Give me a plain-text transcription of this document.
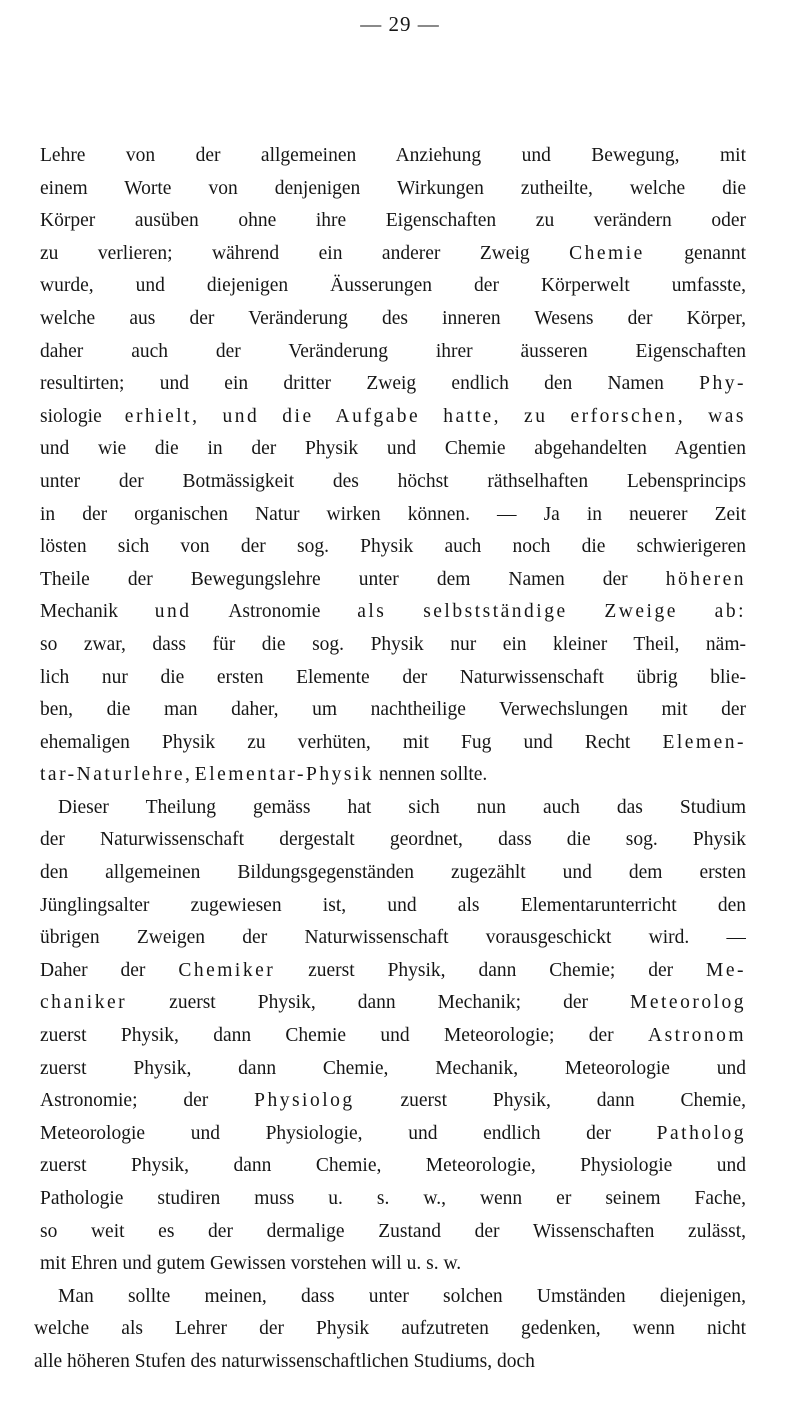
— 29 —
Lehre von der allgemeinen Anziehung und Bewegung, mit
einem Worte von denjenigen Wirkungen zutheilte, welche die
Körper ausüben ohne ihre Eigenschaften zu verändern oder
zu verlieren; während ein anderer Zweig Chemie genannt
wurde, und diejenigen Äusserungen der Körperwelt umfasste,
welche aus der Veränderung des inneren Wesens der Körper,
daher auch der Veränderung ihrer äusseren Eigenschaften
resultirten; und ein dritter Zweig endlich den Namen Phy-
siologie erhielt, und die Aufgabe hatte, zu erforschen, was
und wie die in der Physik und Chemie abgehandelten Agentien
unter der Botmässigkeit des höchst räthselhaften Lebensprincips
in der organischen Natur wirken können. — Ja in neuerer Zeit
lösten sich von der sog. Physik auch noch die schwierigeren
Theile der Bewegungslehre unter dem Namen der höheren
Mechanik und Astronomie als selbstständige Zweige ab:
so zwar, dass für die sog. Physik nur ein kleiner Theil, näm-
lich nur die ersten Elemente der Naturwissenschaft übrig blie-
ben, die man daher, um nachtheilige Verwechslungen mit der
ehemaligen Physik zu verhüten, mit Fug und Recht Elemen-
tar-Naturlehre, Elementar-Physik nennen sollte.
Dieser Theilung gemäss hat sich nun auch das Studium
der Naturwissenschaft dergestalt geordnet, dass die sog. Physik
den allgemeinen Bildungsgegenständen zugezählt und dem ersten
Jünglingsalter zugewiesen ist, und als Elementarunterricht den
übrigen Zweigen der Naturwissenschaft vorausgeschickt wird. —
Daher der Chemiker zuerst Physik, dann Chemie; der Me-
chaniker zuerst Physik, dann Mechanik; der Meteorolog
zuerst Physik, dann Chemie und Meteorologie; der Astronom
zuerst Physik, dann Chemie, Mechanik, Meteorologie und
Astronomie; der Physiolog zuerst Physik, dann Chemie,
Meteorologie und Physiologie, und endlich der Patholog
zuerst Physik, dann Chemie, Meteorologie, Physiologie und
Pathologie studiren muss u. s. w., wenn er seinem Fache,
so weit es der dermalige Zustand der Wissenschaften zulässt,
mit Ehren und gutem Gewissen vorstehen will u. s. w.
Man sollte meinen, dass unter solchen Umständen diejenigen,
welche als Lehrer der Physik aufzutreten gedenken, wenn nicht
alle höheren Stufen des naturwissenschaftlichen Studiums, doch
